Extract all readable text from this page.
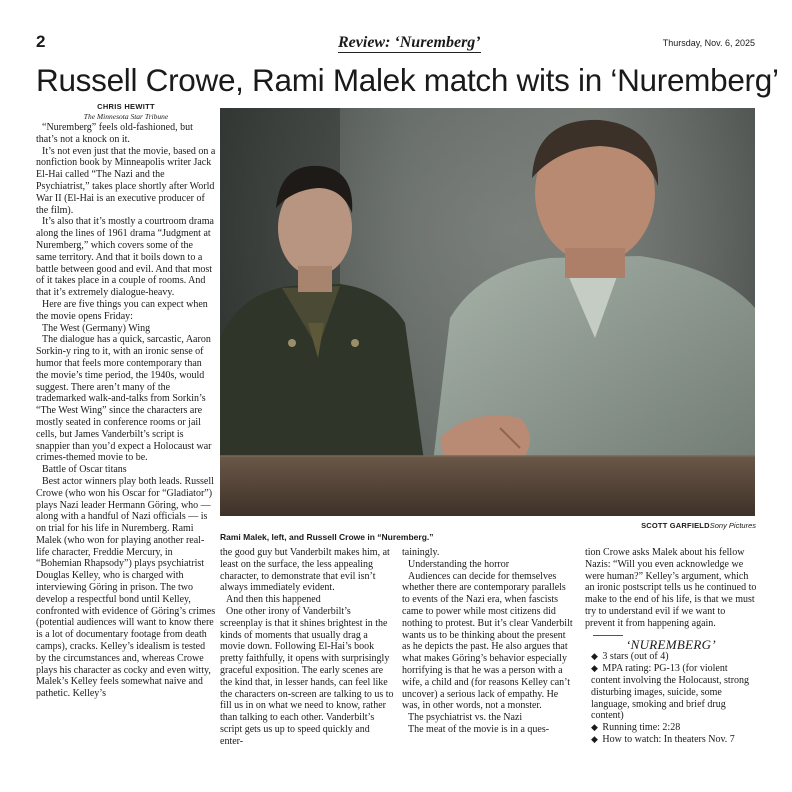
2	Review: ‘Nuremberg’	Thursday, Nov. 6, 2025
Russell Crowe, Rami Malek match wits in ‘Nuremberg’
CHRIS HEWITT
The Minnesota Star Tribune

“Nuremberg” feels old-fashioned, but that’s not a knock on it.

It’s not even just that the movie, based on a nonfiction book by Minneapolis writer Jack El-Hai called “The Nazi and the Psychiatrist,” takes place shortly after World War II (El-Hai is an executive producer of the film).

It’s also that it’s mostly a courtroom drama along the lines of 1961 drama “Judgment at Nuremberg,” which covers some of the same territory. And that it boils down to a battle between good and evil. And that most of it takes place in a couple of rooms. And that it’s extremely dialogue-heavy.

Here are five things you can expect when the movie opens Friday:

The West (Germany) Wing

The dialogue has a quick, sarcastic, Aaron Sorkin-y ring to it, with an ironic sense of humor that feels more contemporary than the movie’s time period, the 1940s, would suggest. There aren’t many of the trademarked walk-and-talks from Sorkin’s “The West Wing” since the characters are mostly seated in conference rooms or jail cells, but James Vanderbilt’s script is snappier than you’d expect a Holocaust war crimes-themed movie to be.

Battle of Oscar titans

Best actor winners play both leads. Russell Crowe (who won his Oscar for “Gladiator”) plays Nazi leader Hermann Göring, who — along with a handful of Nazi officials — is on trial for his life in Nuremberg. Rami Malek (who won for playing another real-life character, Freddie Mercury, in “Bohemian Rhapsody”) plays psychiatrist Douglas Kelley, who is charged with interviewing Göring in prison. The two develop a respectful bond until Kelley, confronted with evidence of Göring’s crimes (potential audiences will want to know there is a lot of documentary footage from death camps), cracks. Kelley’s idealism is tested by the circumstances and, whereas Crowe plays his character as cocky and even witty, Malek’s Kelley feels somewhat naive and pathetic. Kelley’s

SCOTT GARFIELDSony Pictures
Rami Malek, left, and Russell Crowe in “Nuremberg.”

the good guy but Vanderbilt makes him, at least on the surface, the less appealing character, to demonstrate that evil isn’t always immediately evident.

And then this happened

One other irony of Vanderbilt’s screenplay is that it shines brightest in the kinds of moments that usually drag a movie down. Following El-Hai’s book pretty faithfully, it opens with surprisingly graceful exposition. The early scenes are the kind that, in lesser hands, can feel like the characters on-screen are talking to us to fill us in on what we need to know, rather than talking to each other. Vanderbilt’s script gets us up to speed quickly and enter-

tainingly.

Understanding the horror

Audiences can decide for themselves whether there are contemporary parallels to events of the Nazi era, when fascists came to power while most citizens did nothing to protest. But it’s clear Vanderbilt wants us to be thinking about the present as he depicts the past. He also argues that what makes Göring’s behavior especially horrifying is that he was a person with a wife, a child and (for reasons Kelley can’t uncover) a serious lack of empathy. He was, in other words, not a monster.

The psychiatrist vs. the Nazi

The meat of the movie is in a ques-

tion Crowe asks Malek about his fellow Nazis: “Will you even acknowledge we were human?” Kelley’s argument, which an ironic postscript tells us he continued to make to the end of his life, is that we must try to understand evil if we want to prevent it from happening again.

‘NUREMBERG’

◆ 3 stars (out of 4)

◆ MPA rating: PG-13 (for violent content involving the Holocaust, strong disturbing images, suicide, some language, smoking and brief drug content)

◆ Running time: 2:28

◆ How to watch: In theaters Nov. 7
